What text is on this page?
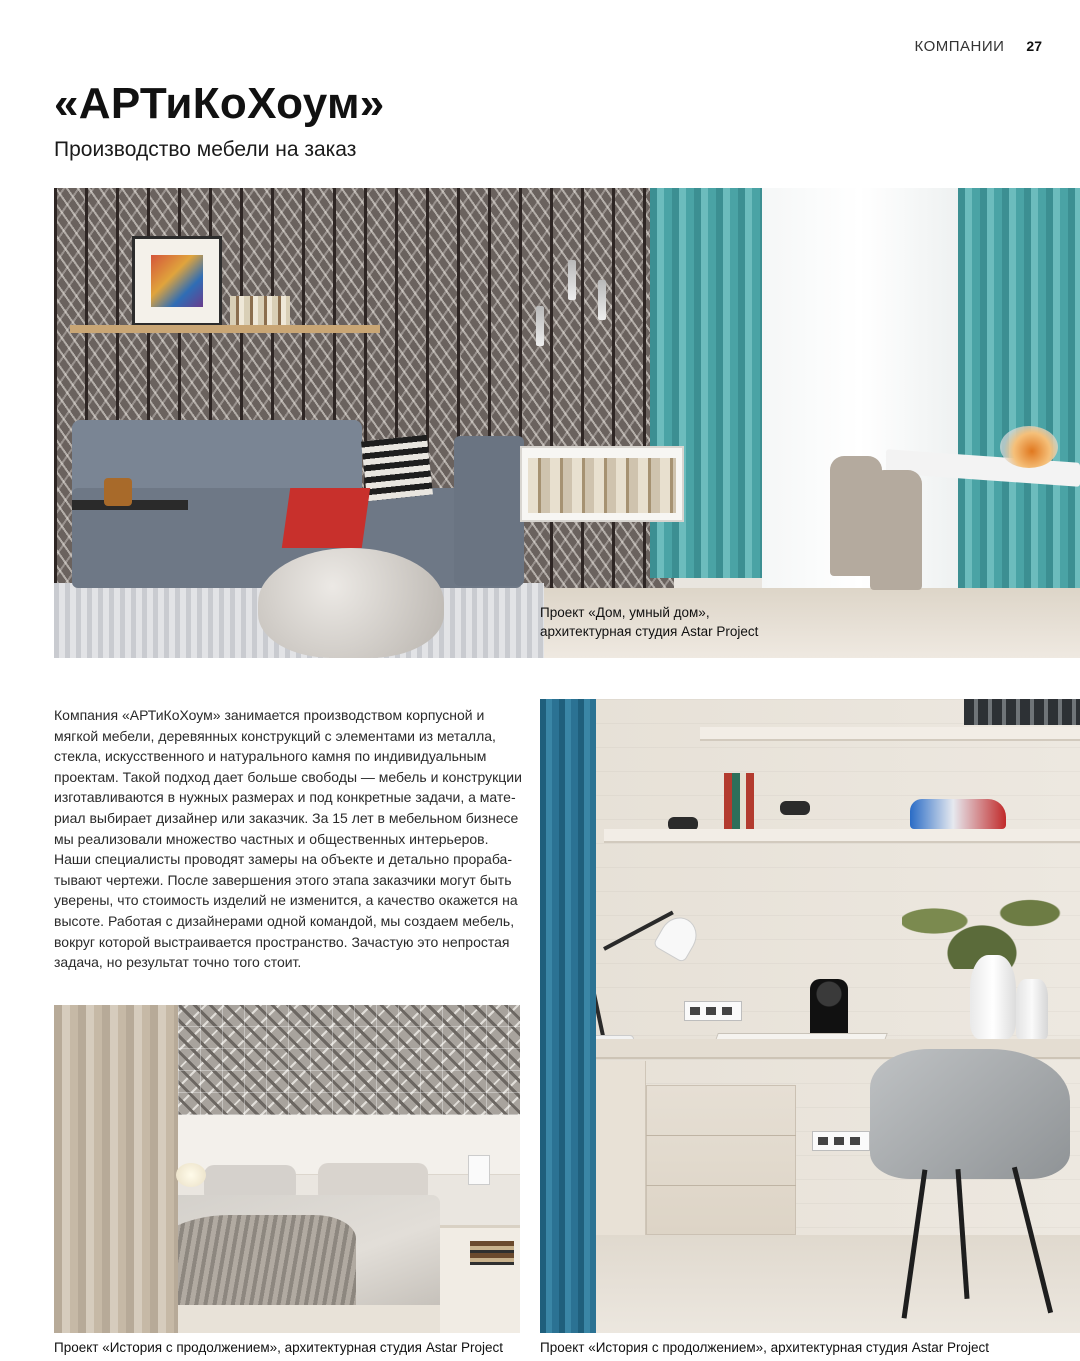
КОМПАНИИ 27
«АРТиКоХоум»
Производство мебели на заказ
Проект «Дом, умный дом»,
архитектурная студия Astar Project

Компания «АРТиКоХоум» занимается производством корпусной и мягкой мебели, деревянных конструкций с элементами из металла, стекла, искусственного и натурального камня по индивидуальным проектам. Такой подход дает больше свободы — мебель и конструкции изготавливаются в нужных размерах и под конкретные задачи, а материал выбирает дизайнер или заказчик. За 15 лет в мебельном бизнесе мы реализовали множество частных и общественных интерьеров. Наши специалисты проводят замеры на объекте и детально прорабатывают чертежи. После завершения этого этапа заказчики могут быть уверены, что стоимость изделий не изменится, а качество окажется на высоте. Работая с дизайнерами одной командой, мы создаем мебель, вокруг которой выстраивается пространство. Зачастую это непростая задача, но результат точно того стоит.

Проект «История с продолжением», архитектурная студия Astar Project	Проект «История с продолжением», архитектурная студия Astar Project
